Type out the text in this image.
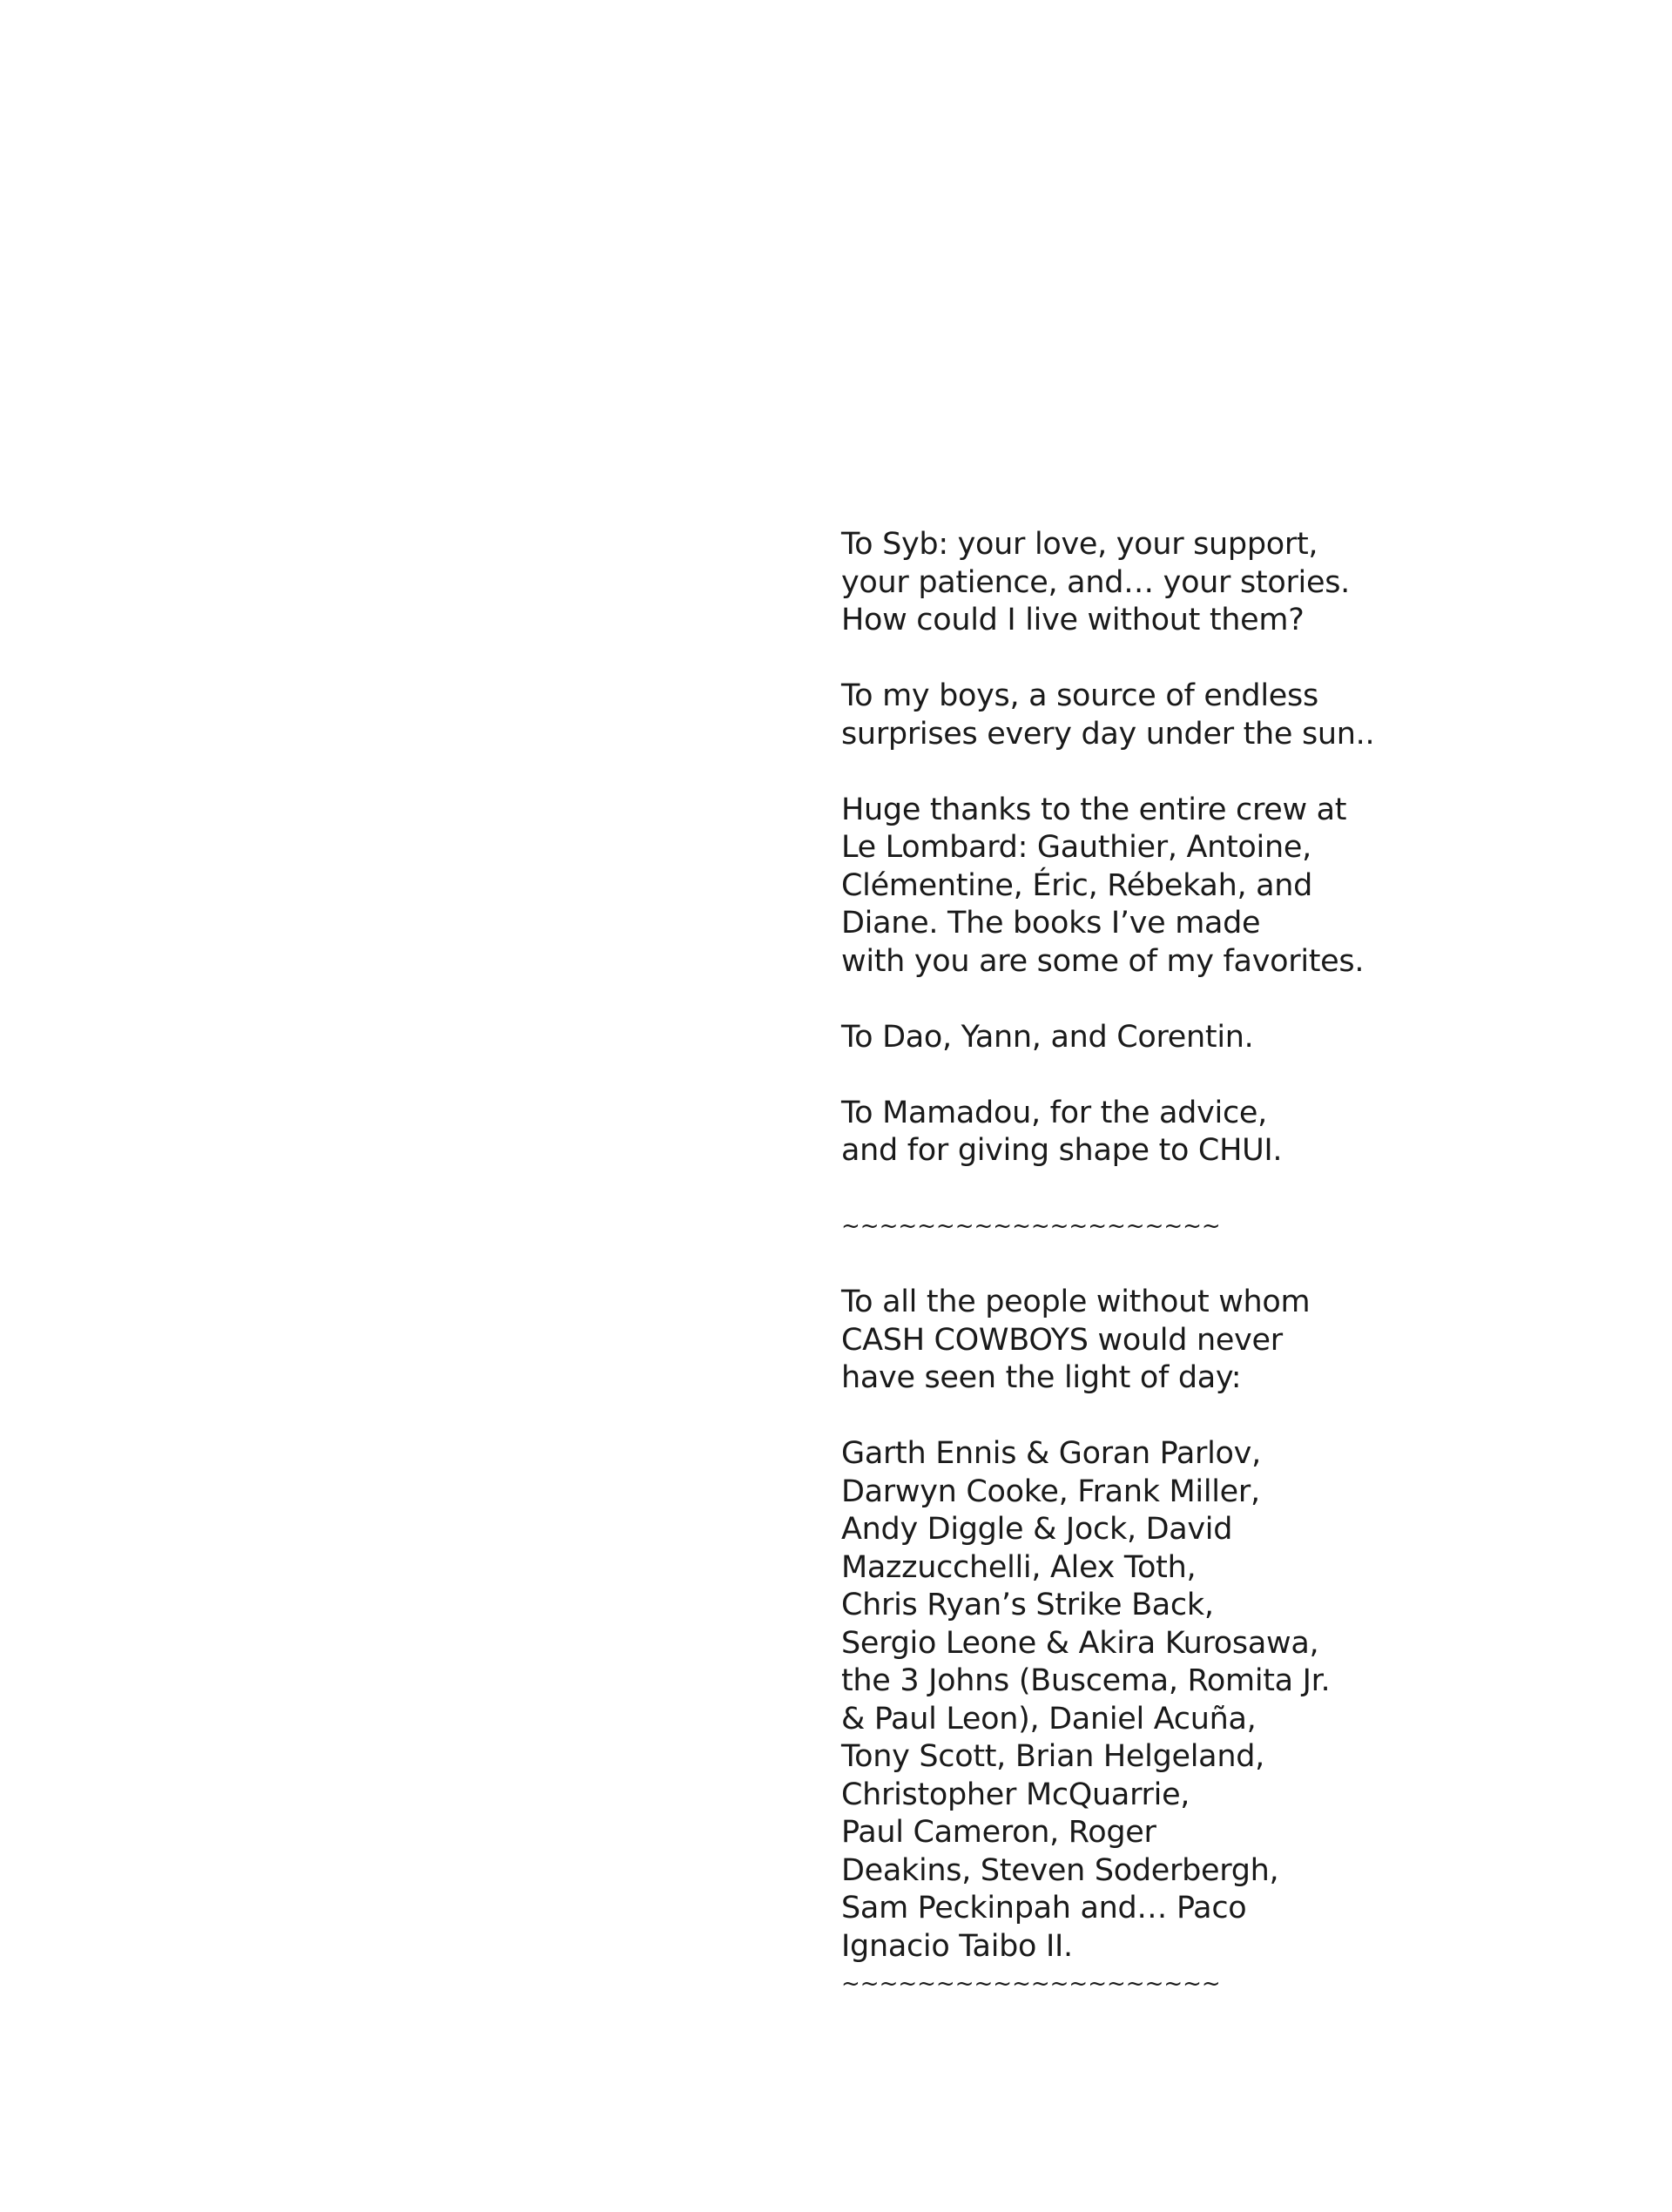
To Syb: your love, your support,
your patience, and… your stories.
How could I live without them?
To my boys, a source of endless
surprises every day under the sun..
Huge thanks to the entire crew at
Le Lombard: Gauthier, Antoine,
Clémentine, Éric, Rébekah, and
Diane. The books I’ve made
with you are some of my favorites.
To Dao, Yann, and Corentin.
To Mamadou, for the advice,
and for giving shape to CHUI.
~~~~~~~~~~~~~~~~~~~~
To all the people without whom
CASH COWBOYS would never
have seen the light of day:
Garth Ennis & Goran Parlov,
Darwyn Cooke, Frank Miller,
Andy Diggle & Jock, David
Mazzucchelli, Alex Toth,
Chris Ryan’s Strike Back,
Sergio Leone & Akira Kurosawa,
the 3 Johns (Buscema, Romita Jr.
& Paul Leon), Daniel Acuña,
Tony Scott, Brian Helgeland,
Christopher McQuarrie,
Paul Cameron, Roger
Deakins, Steven Soderbergh,
Sam Peckinpah and… Paco
Ignacio Taibo II.
~~~~~~~~~~~~~~~~~~~~
